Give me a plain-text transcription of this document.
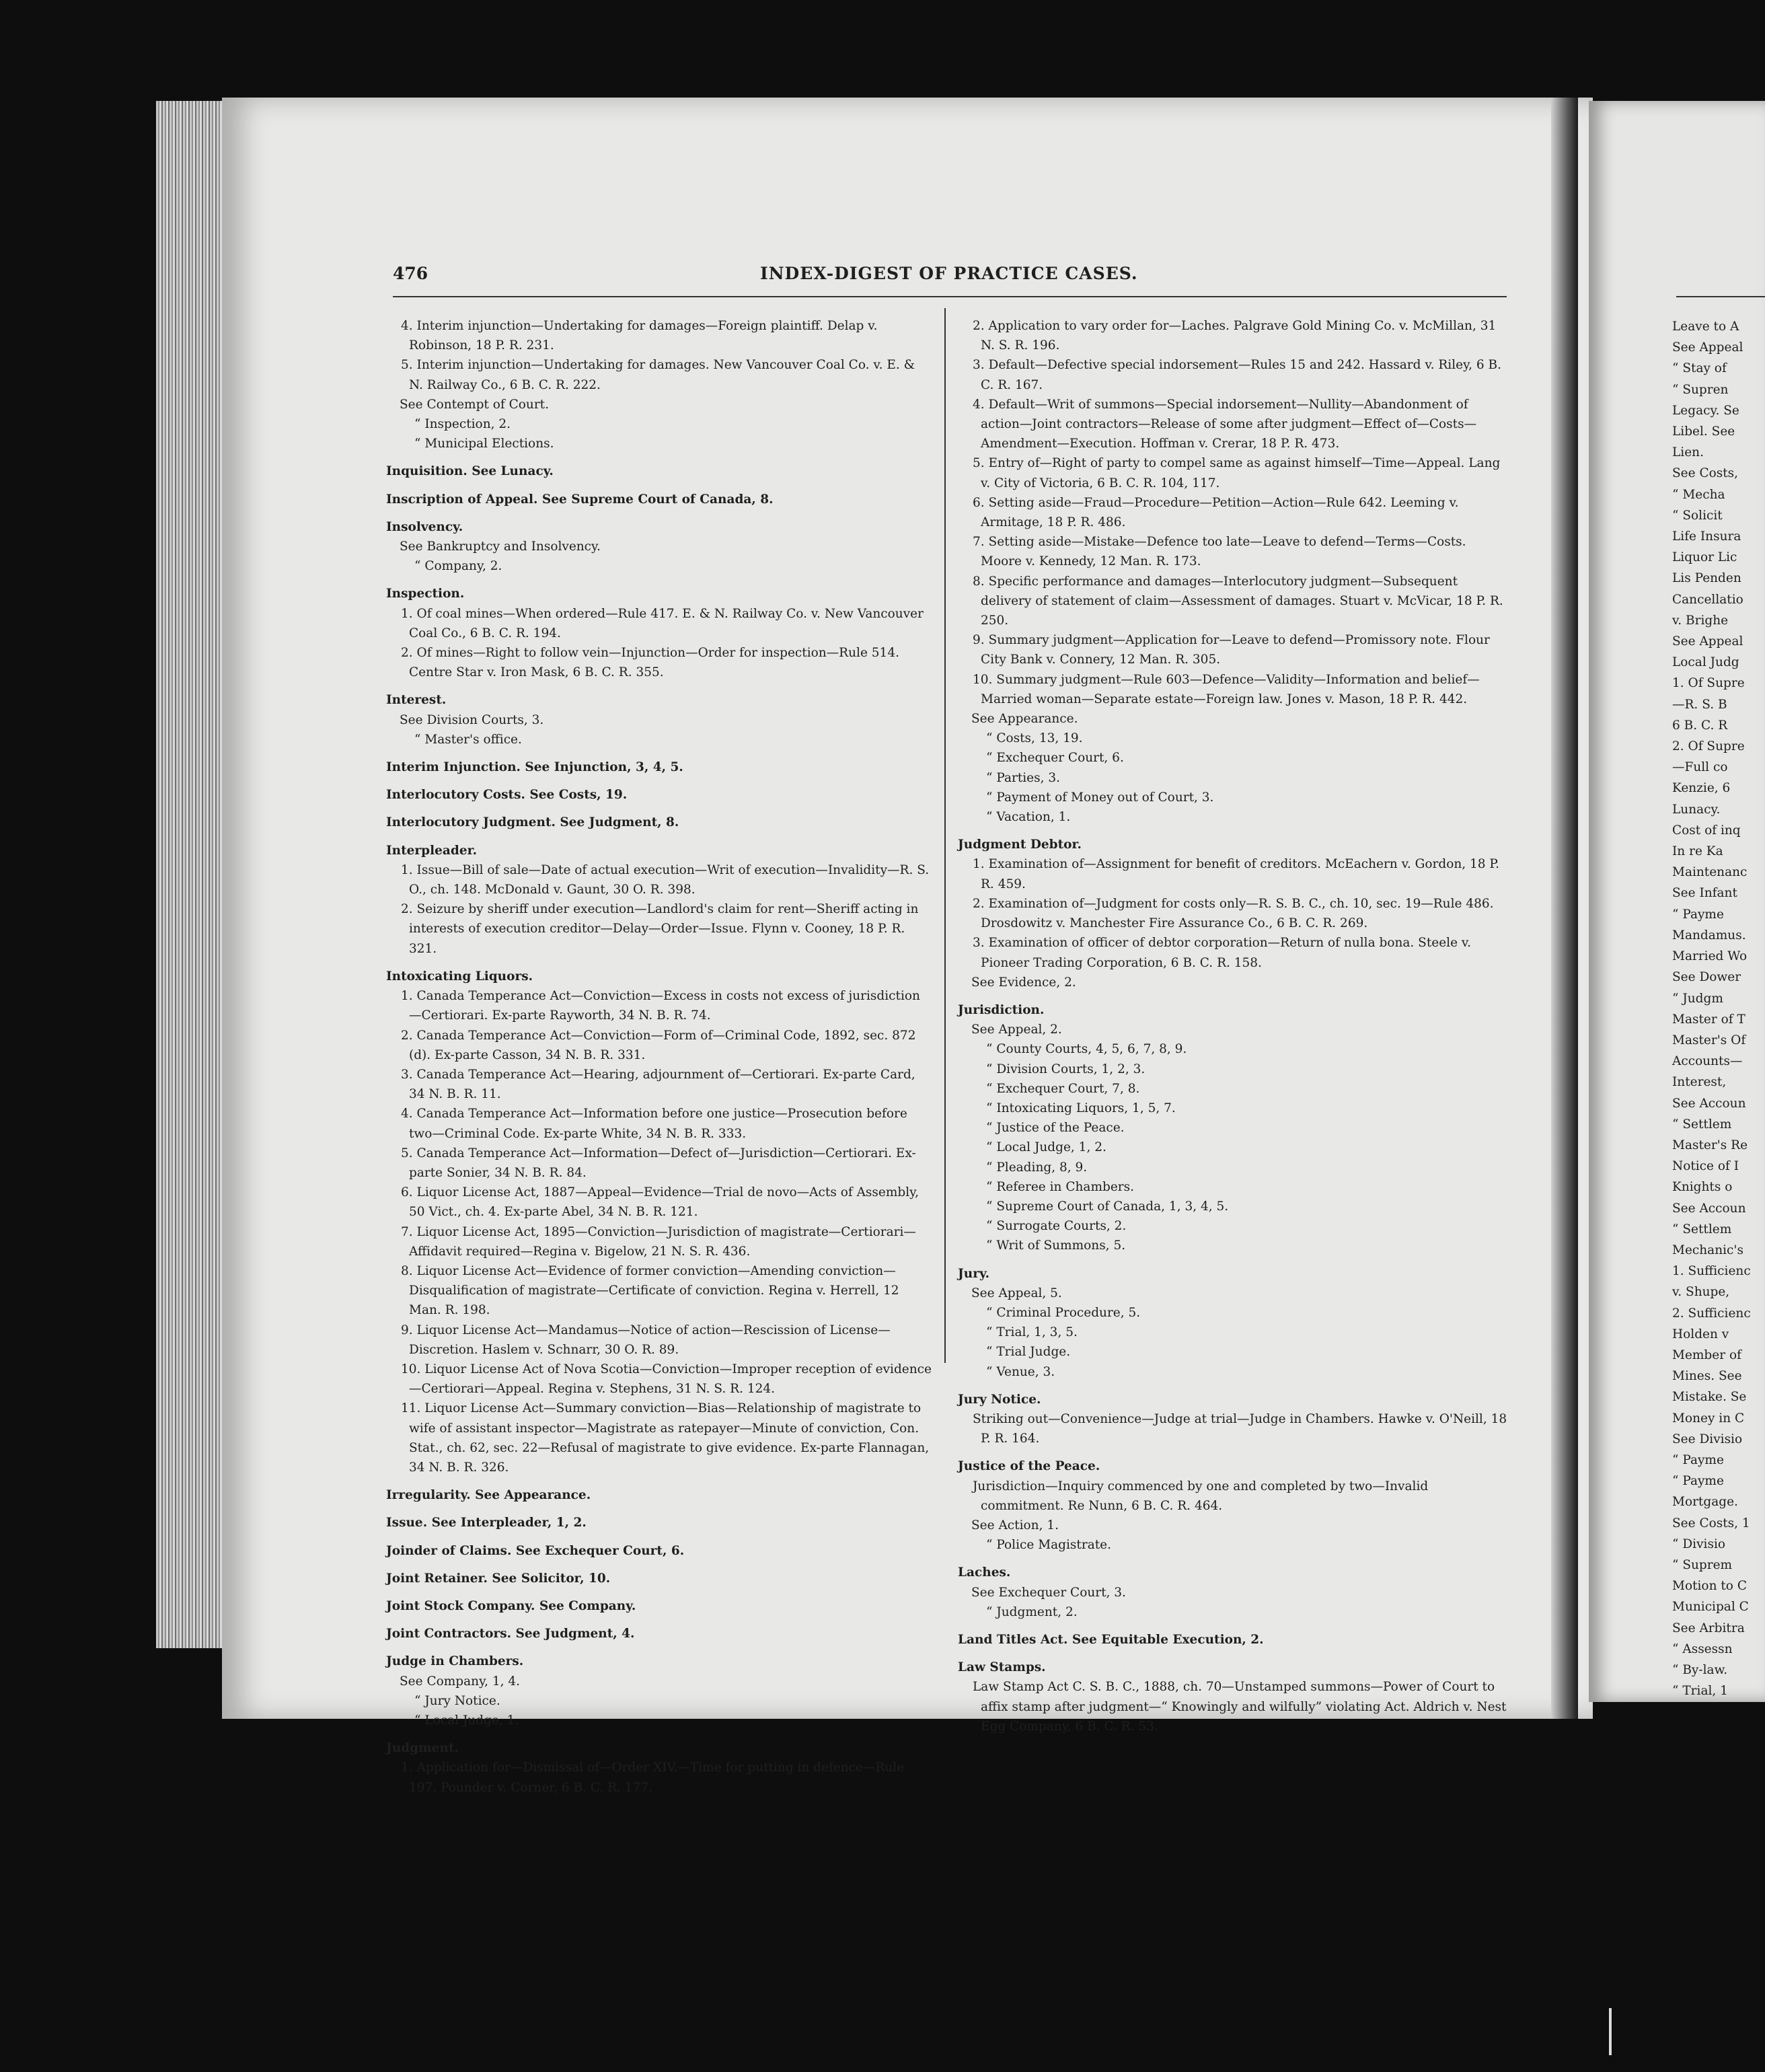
476	INDEX-DIGEST OF PRACTICE CASES.

4. Interim injunction—Undertaking for damages—Foreign plaintiff. Delap v. Robinson, 18 P. R. 231.

5. Interim injunction—Undertaking for damages. New Vancouver Coal Co. v. E. & N. Railway Co., 6 B. C. R. 222.

See Contempt of Court.

“ Inspection, 2.

“ Municipal Elections.

Inquisition. See Lunacy.

Inscription of Appeal. See Supreme Court of Canada, 8.

Insolvency.

See Bankruptcy and Insolvency.

“ Company, 2.

Inspection.

1. Of coal mines—When ordered—Rule 417. E. & N. Railway Co. v. New Vancouver Coal Co., 6 B. C. R. 194.

2. Of mines—Right to follow vein—Injunction—Order for inspection—Rule 514. Centre Star v. Iron Mask, 6 B. C. R. 355.

Interest.

See Division Courts, 3.

“ Master's office.

Interim Injunction. See Injunction, 3, 4, 5.

Interlocutory Costs. See Costs, 19.

Interlocutory Judgment. See Judgment, 8.

Interpleader.

1. Issue—Bill of sale—Date of actual execution—Writ of execution—Invalidity—R. S. O., ch. 148. McDonald v. Gaunt, 30 O. R. 398.

2. Seizure by sheriff under execution—Landlord's claim for rent—Sheriff acting in interests of execution creditor—Delay—Order—Issue. Flynn v. Cooney, 18 P. R. 321.

Intoxicating Liquors.

1. Canada Temperance Act—Conviction—Excess in costs not excess of jurisdiction—Certiorari. Ex-parte Rayworth, 34 N. B. R. 74.

2. Canada Temperance Act—Conviction—Form of—Criminal Code, 1892, sec. 872 (d). Ex-parte Casson, 34 N. B. R. 331.

3. Canada Temperance Act—Hearing, adjournment of—Certiorari. Ex-parte Card, 34 N. B. R. 11.

4. Canada Temperance Act—Information before one justice—Prosecution before two—Criminal Code. Ex-parte White, 34 N. B. R. 333.

5. Canada Temperance Act—Information—Defect of—Jurisdiction—Certiorari. Ex-parte Sonier, 34 N. B. R. 84.

6. Liquor License Act, 1887—Appeal—Evidence—Trial de novo—Acts of Assembly, 50 Vict., ch. 4. Ex-parte Abel, 34 N. B. R. 121.

7. Liquor License Act, 1895—Conviction—Jurisdiction of magistrate—Certiorari—Affidavit required—Regina v. Bigelow, 21 N. S. R. 436.

8. Liquor License Act—Evidence of former conviction—Amending conviction—Disqualification of magistrate—Certificate of conviction. Regina v. Herrell, 12 Man. R. 198.

9. Liquor License Act—Mandamus—Notice of action—Rescission of License—Discretion. Haslem v. Schnarr, 30 O. R. 89.

10. Liquor License Act of Nova Scotia—Conviction—Improper reception of evidence—Certiorari—Appeal. Regina v. Stephens, 31 N. S. R. 124.

11. Liquor License Act—Summary conviction—Bias—Relationship of magistrate to wife of assistant inspector—Magistrate as ratepayer—Minute of conviction, Con. Stat., ch. 62, sec. 22—Refusal of magistrate to give evidence. Ex-parte Flannagan, 34 N. B. R. 326.

Irregularity. See Appearance.

Issue. See Interpleader, 1, 2.

Joinder of Claims. See Exchequer Court, 6.

Joint Retainer. See Solicitor, 10.

Joint Stock Company. See Company.

Joint Contractors. See Judgment, 4.

Judge in Chambers.

See Company, 1, 4.

“ Jury Notice.

“ Local Judge, 1.

Judgment.

1. Application for—Dismissal of—Order XIV.—Time for putting in defence—Rule 197. Pounder v. Corner, 6 B. C. R. 177.

2. Application to vary order for—Laches. Palgrave Gold Mining Co. v. McMillan, 31 N. S. R. 196.

3. Default—Defective special indorsement—Rules 15 and 242. Hassard v. Riley, 6 B. C. R. 167.

4. Default—Writ of summons—Special indorsement—Nullity—Abandonment of action—Joint contractors—Release of some after judgment—Effect of—Costs—Amendment—Execution. Hoffman v. Crerar, 18 P. R. 473.

5. Entry of—Right of party to compel same as against himself—Time—Appeal. Lang v. City of Victoria, 6 B. C. R. 104, 117.

6. Setting aside—Fraud—Procedure—Petition—Action—Rule 642. Leeming v. Armitage, 18 P. R. 486.

7. Setting aside—Mistake—Defence too late—Leave to defend—Terms—Costs. Moore v. Kennedy, 12 Man. R. 173.

8. Specific performance and damages—Interlocutory judgment—Subsequent delivery of statement of claim—Assessment of damages. Stuart v. McVicar, 18 P. R. 250.

9. Summary judgment—Application for—Leave to defend—Promissory note. Flour City Bank v. Connery, 12 Man. R. 305.

10. Summary judgment—Rule 603—Defence—Validity—Information and belief—Married woman—Separate estate—Foreign law. Jones v. Mason, 18 P. R. 442.

See Appearance.

“ Costs, 13, 19.

“ Exchequer Court, 6.

“ Parties, 3.

“ Payment of Money out of Court, 3.

“ Vacation, 1.

Judgment Debtor.

1. Examination of—Assignment for benefit of creditors. McEachern v. Gordon, 18 P. R. 459.

2. Examination of—Judgment for costs only—R. S. B. C., ch. 10, sec. 19—Rule 486. Drosdowitz v. Manchester Fire Assurance Co., 6 B. C. R. 269.

3. Examination of officer of debtor corporation—Return of nulla bona. Steele v. Pioneer Trading Corporation, 6 B. C. R. 158.

See Evidence, 2.

Jurisdiction.

See Appeal, 2.

“ County Courts, 4, 5, 6, 7, 8, 9.

“ Division Courts, 1, 2, 3.

“ Exchequer Court, 7, 8.

“ Intoxicating Liquors, 1, 5, 7.

“ Justice of the Peace.

“ Local Judge, 1, 2.

“ Pleading, 8, 9.

“ Referee in Chambers.

“ Supreme Court of Canada, 1, 3, 4, 5.

“ Surrogate Courts, 2.

“ Writ of Summons, 5.

Jury.

See Appeal, 5.

“ Criminal Procedure, 5.

“ Trial, 1, 3, 5.

“ Trial Judge.

“ Venue, 3.

Jury Notice.

Striking out—Convenience—Judge at trial—Judge in Chambers. Hawke v. O'Neill, 18 P. R. 164.

Justice of the Peace.

Jurisdiction—Inquiry commenced by one and completed by two—Invalid commitment. Re Nunn, 6 B. C. R. 464.

See Action, 1.

“ Police Magistrate.

Laches.

See Exchequer Court, 3.

“ Judgment, 2.

Land Titles Act. See Equitable Execution, 2.

Law Stamps.

Law Stamp Act C. S. B. C., 1888, ch. 70—Unstamped summons—Power of Court to affix stamp after judgment—“ Knowingly and wilfully” violating Act. Aldrich v. Nest Egg Company, 6 B. C. R. 53.

Leave to A

See Appeal

“ Stay of

“ Supren

Legacy. Se

Libel. See

Lien.

See Costs,

“ Mecha

“ Solicit

Life Insura

Liquor Lic

Lis Penden

Cancellatio

v. Brighe

See Appeal

Local Judg

1. Of Supre

—R. S. B

6 B. C. R

2. Of Supre

—Full co

Kenzie, 6

Lunacy.

Cost of inq

In re Ka

Maintenanc

See Infant

“ Payme

Mandamus.

Married Wo

See Dower

“ Judgm

Master of T

Master's Of

Accounts—

Interest,

See Accoun

“ Settlem

Master's Re

Notice of I

Knights o

See Accoun

“ Settlem

Mechanic's

1. Sufficienc

v. Shupe,

2. Sufficienc

Holden v

Member of

Mines. See

Mistake. Se

Money in C

See Divisio

“ Payme

“ Payme

Mortgage.

See Costs, 1

“ Divisio

“ Suprem

Motion to C

Municipal C

See Arbitra

“ Assessn

“ By-law.

“ Trial, 1
